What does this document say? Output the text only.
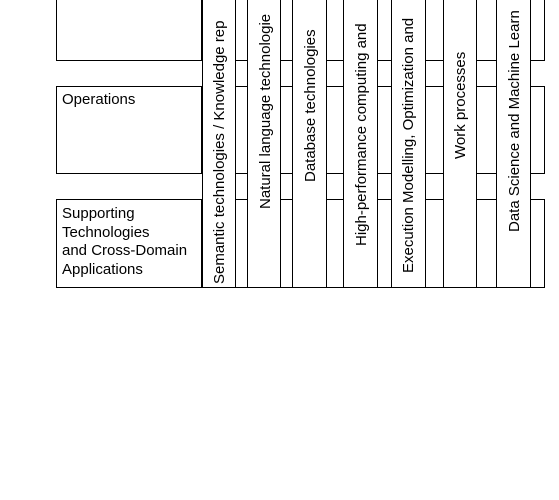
Operations
Supporting
Technologies
and Cross-Domain
Applications	Semantic technologies / Knowledge rep Natural language technologie Database technologies High-performance computing and Execution Modelling, Optimization and Work processes Data Science and Machine Learn
